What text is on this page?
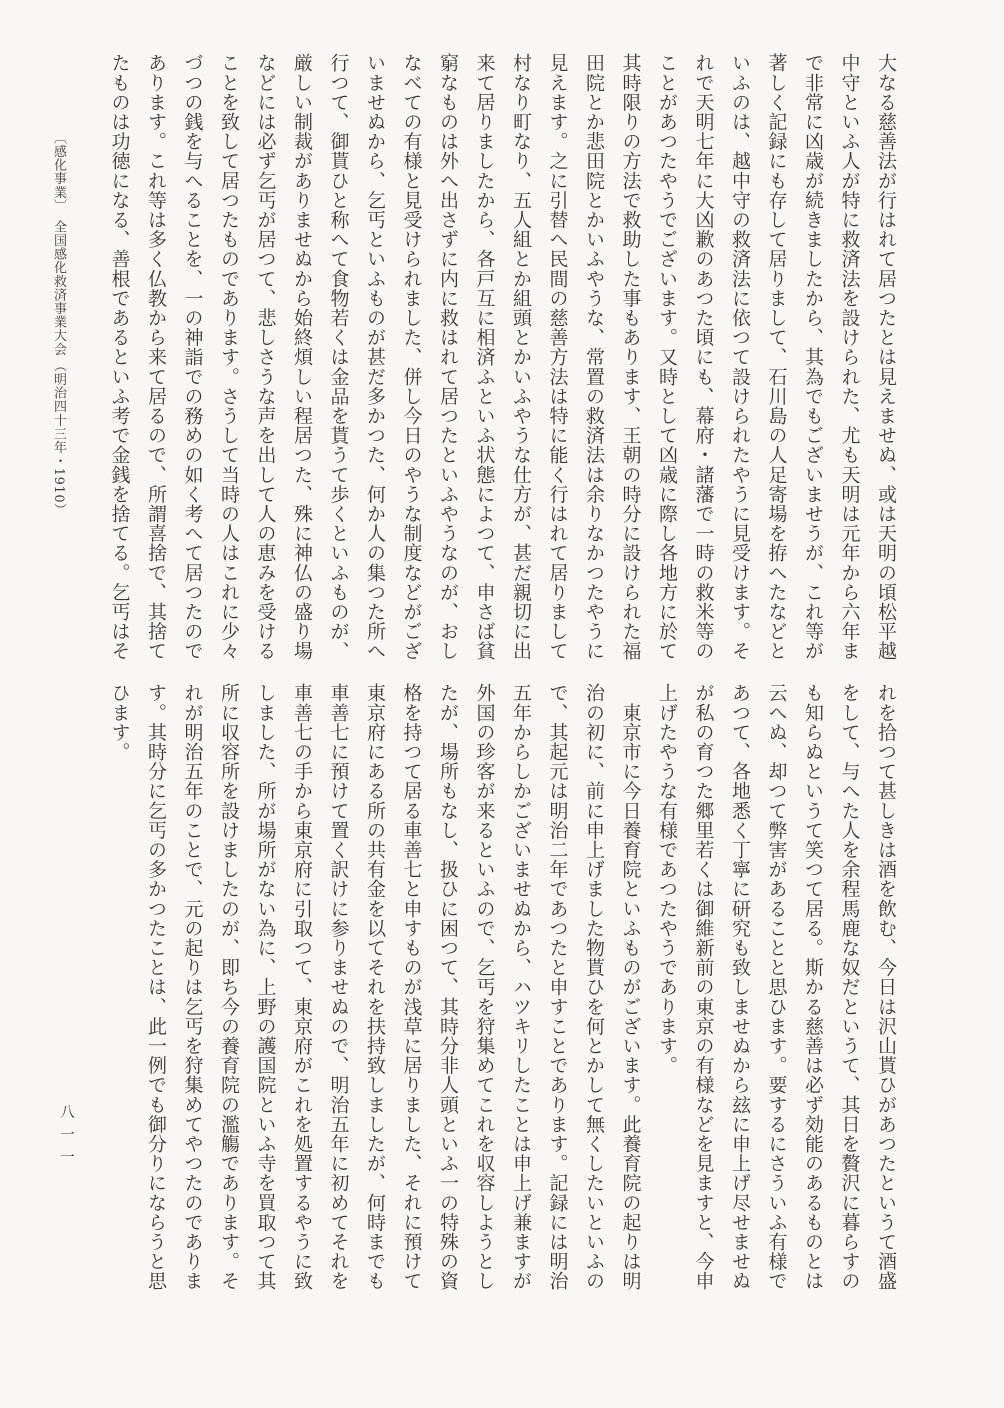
大なる慈善法が行はれて居つたとは見えませぬ、或は天明の頃松平越
中守といふ人が特に救済法を設けられた、尤も天明は元年から六年ま
で非常に凶歳が続きましたから、其為でもございませうが、これ等が
著しく記録にも存して居りまして、石川島の人足寄場を拵へたなどと
いふのは、越中守の救済法に依つて設けられたやうに見受けます。そ
れで天明七年に大凶歉のあつた頃にも、幕府・諸藩で一時の救米等の
ことがあつたやうでございます。又時として凶歳に際し各地方に於て
其時限りの方法で救助した事もあります、王朝の時分に設けられた福
田院とか悲田院とかいふやうな、常置の救済法は余りなかつたやうに
見えます。之に引替へ民間の慈善方法は特に能く行はれて居りまして
村なり町なり、五人組とか組頭とかいふやうな仕方が、甚だ親切に出
来て居りましたから、各戸互に相済ふといふ状態によつて、申さば貧
窮なものは外へ出さずに内に救はれて居つたといふやうなのが、おし
なべての有様と見受けられました、併し今日のやうな制度などがござ
いませぬから、乞丐といふものが甚だ多かつた、何か人の集つた所へ
行つて、御貰ひと称へて食物若くは金品を貰うて歩くといふものが、
厳しい制裁がありませぬから始終煩しい程居つた、殊に神仏の盛り場
などには必ず乞丐が居つて、悲しさうな声を出して人の恵みを受ける
ことを致して居つたものであります。さうして当時の人はこれに少々
づつの銭を与へることを、一の神詣での務めの如く考へて居つたので
あります。これ等は多く仏教から来て居るので、所謂喜捨で、其捨て
たものは功徳になる、善根であるといふ考で金銭を捨てる。乞丐はそ
〔感化事業〕
全国感化救済事業大会
（明治四十三年・1910）
れを拾つて甚しきは酒を飲む、今日は沢山貰ひがあつたというて酒盛
をして、与へた人を余程馬鹿な奴だというて、其日を贅沢に暮らすの
も知らぬというて笑つて居る。斯かる慈善は必ず効能のあるものとは
云へぬ、却つて弊害があることと思ひます。要するにさういふ有様で
あつて、各地悉く丁寧に研究も致しませぬから玆に申上げ尽せませぬ
が私の育つた郷里若くは御維新前の東京の有様などを見ますと、今申
上げたやうな有様であつたやうであります。
　東京市に今日養育院といふものがございます。此養育院の起りは明
治の初に、前に申上げました物貰ひを何とかして無くしたいといふの
で、其起元は明治二年であつたと申すことであります。記録には明治
五年からしかございませぬから、ハツキリしたことは申上げ兼ますが
外国の珍客が来るといふので、乞丐を狩集めてこれを収容しようとし
たが、場所もなし、扱ひに困つて、其時分非人頭といふ一の特殊の資
格を持つて居る車善七と申すものが浅草に居りました、それに預けて
東京府にある所の共有金を以てそれを扶持致しましたが、何時までも
車善七に預けて置く訳けに参りませぬので、明治五年に初めてそれを
車善七の手から東京府に引取つて、東京府がこれを処置するやうに致
しました、所が場所がない為に、上野の護国院といふ寺を買取つて其
所に収容所を設けましたのが、即ち今の養育院の濫觴であります。そ
れが明治五年のことで、元の起りは乞丐を狩集めてやつたのでありま
す。其時分に乞丐の多かつたことは、此一例でも御分りにならうと思
ひます。
八一一
